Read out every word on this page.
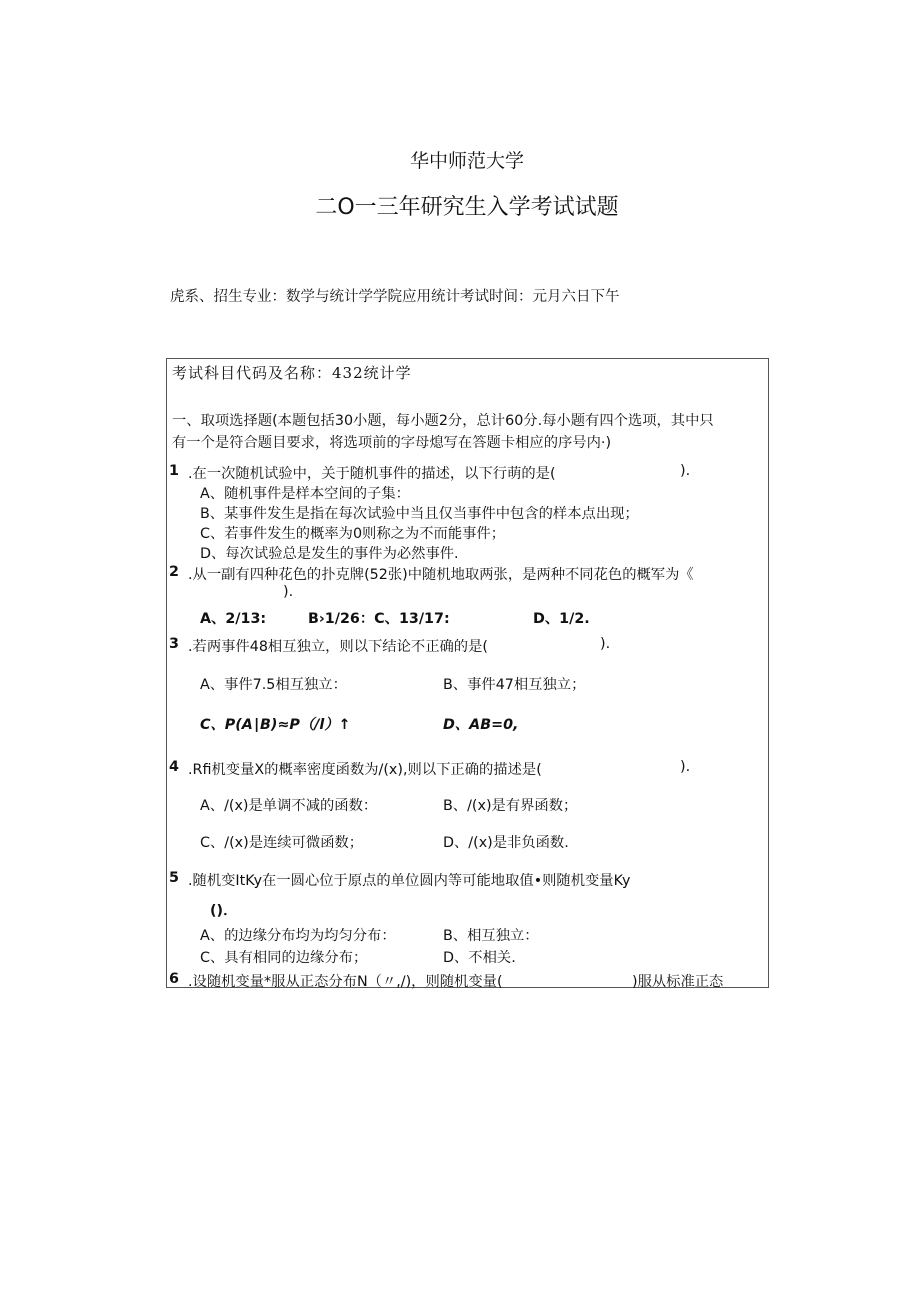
华中师范大学
二O一三年研究生入学考试试题
虎系、招生专业：数学与统计学学院应用统计考试时间：元月六日下午
考试科目代码及名称：432统计学
一、取项选择题(本题包括30小题，每小题2分，总计60分.每小题有四个选项，其中只
有一个是符合题目要求，将选项前的字母熄写在答题卡相应的序号内·)
1 .在一次随机试验中，关于随机事件的描述，以下行萌的是(	).
A、随机事件是样本空间的子集：
B、某事件发生是指在每次试验中当且仅当事件中包含的样本点出现；
C、若事件发生的概率为0则称之为不而能事件；
D、每次试验总是发生的事件为必然事件.
2 .从一副有四种花色的扑克牌(52张)中随机地取两张，是两种不同花色的概军为《
).
A、2/13:	B›1/26：C、13/17:	D、1/2.
3 .若两事件48相互独立，则以下结论不正确的是(	).
A、事件7.5相互独立：	B、事件47相互独立；
C、P(A∣B)≈P（/l）↑	D、AB=0,
4 .Rfi机变量X的概率密度函数为/(x),则以下正确的描述是(	).
A、/(x)是单调不减的函数：	B、/(x)是有界函数；
C、/(x)是连续可微函数；	D、/(x)是非负函数.
5 .随机变ItKy在一圆心位于原点的单位圆内等可能地取值•则随机变量Ky
()．
A、的边缘分布均为均匀分布：	B、相互独立：
C、具有相同的边缘分布；	D、不相关.
6 .设随机变量*服从正态分布N（〃,/)，则随机变量(	)服从标准正态
